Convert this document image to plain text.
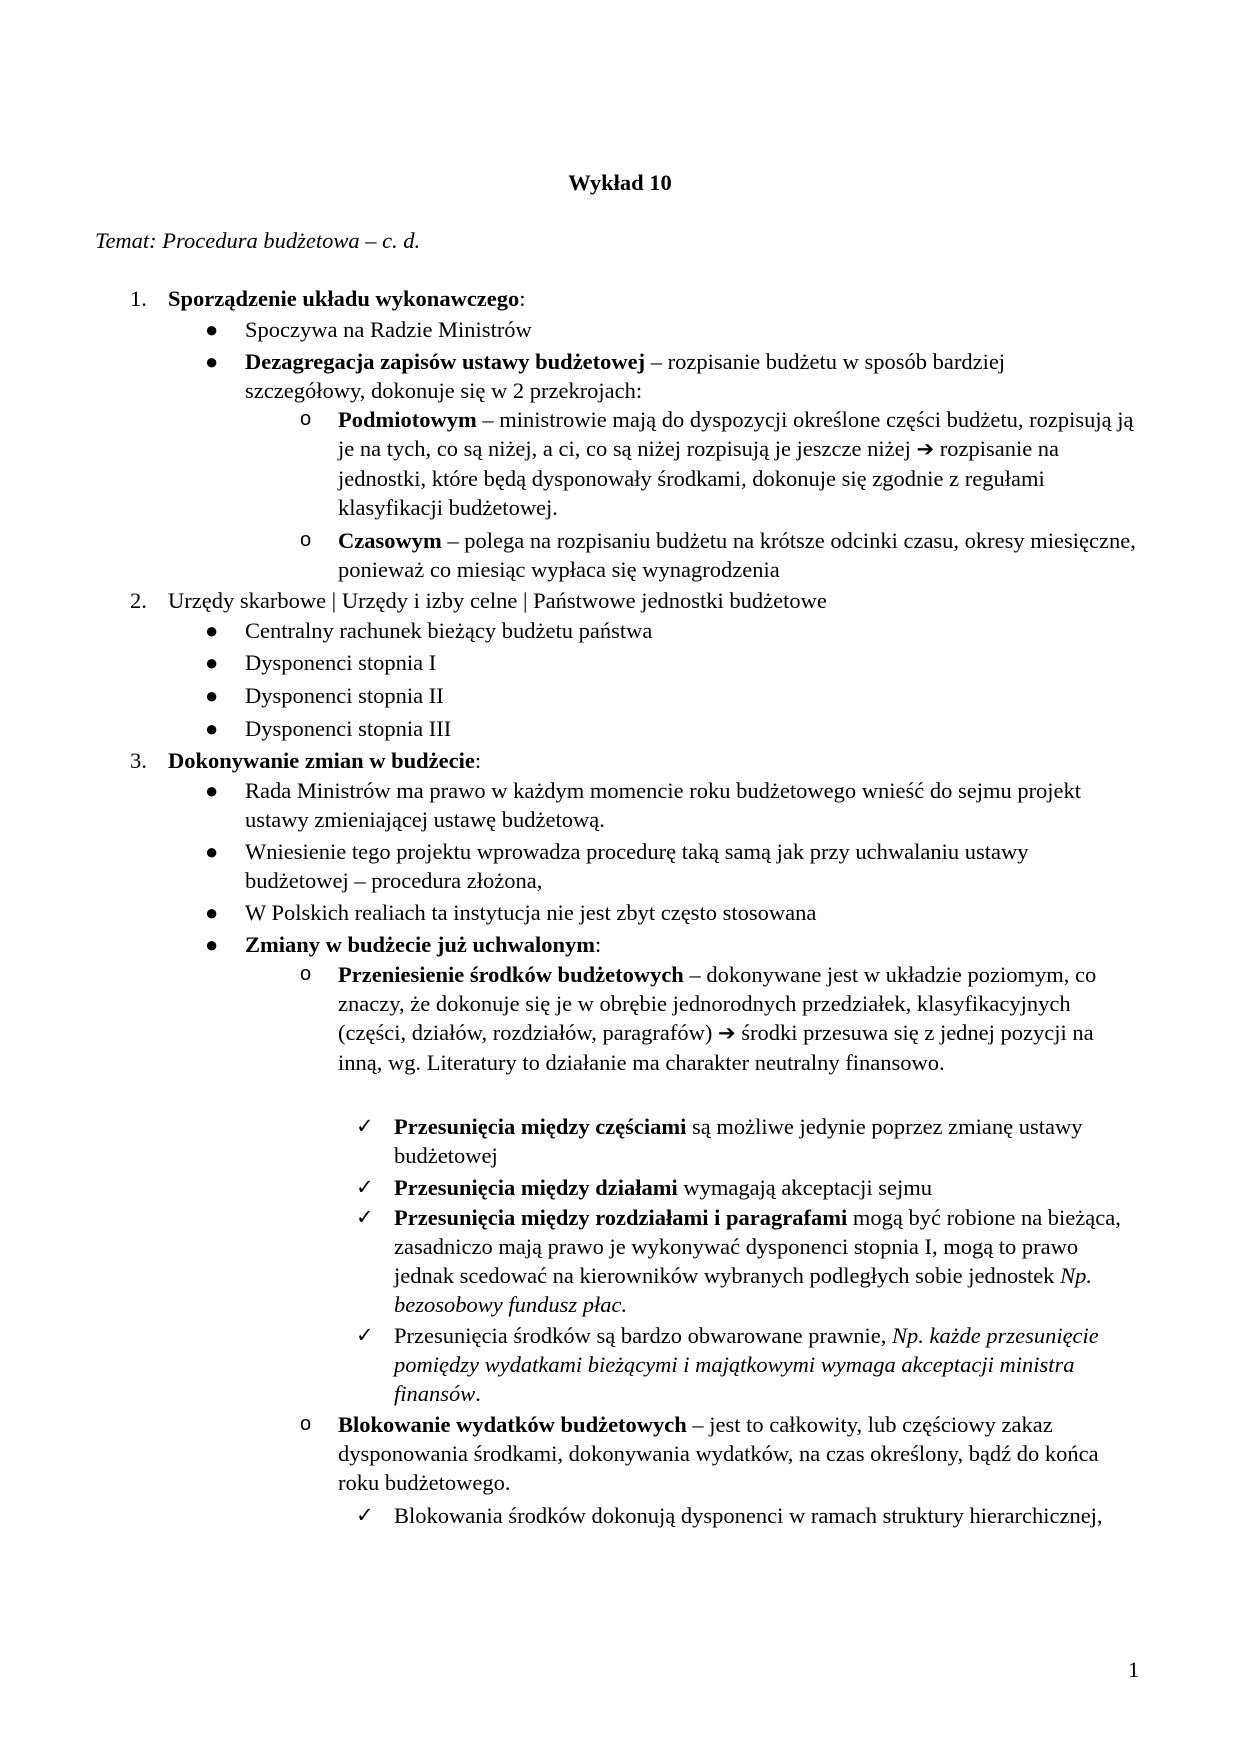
Wykład 10
Temat: Procedura budżetowa – c. d.
1. Sporządzenie układu wykonawczego:
● Spoczywa na Radzie Ministrów
● Dezagregacja zapisów ustawy budżetowej – rozpisanie budżetu w sposób bardziej szczegółowy, dokonuje się w 2 przekrojach:
o Podmiotowym – ministrowie mają do dyspozycji określone części budżetu, rozpisują ją je na tych, co są niżej, a ci, co są niżej rozpisują je jeszcze niżej ➔ rozpisanie na jednostki, które będą dysponowały środkami, dokonuje się zgodnie z regułami klasyfikacji budżetowej.
o Czasowym – polega na rozpisaniu budżetu na krótsze odcinki czasu, okresy miesięczne, ponieważ co miesiąc wypłaca się wynagrodzenia
2. Urzędy skarbowe | Urzędy i izby celne | Państwowe jednostki budżetowe
● Centralny rachunek bieżący budżetu państwa
● Dysponenci stopnia I
● Dysponenci stopnia II
● Dysponenci stopnia III
3. Dokonywanie zmian w budżecie:
● Rada Ministrów ma prawo w każdym momencie roku budżetowego wnieść do sejmu projekt ustawy zmieniającej ustawę budżetową.
● Wniesienie tego projektu wprowadza procedurę taką samą jak przy uchwalaniu ustawy budżetowej – procedura złożona,
● W Polskich realiach ta instytucja nie jest zbyt często stosowana
● Zmiany w budżecie już uchwalonym:
o Przeniesienie środków budżetowych – dokonywane jest w układzie poziomym, co znaczy, że dokonuje się je w obrębie jednorodnych przedziałek, klasyfikacyjnych (części, działów, rozdziałów, paragrafów) ➔ środki przesuwa się z jednej pozycji na inną, wg. Literatury to działanie ma charakter neutralny finansowo.
✓ Przesunięcia między częściami są możliwe jedynie poprzez zmianę ustawy budżetowej
✓ Przesunięcia między działami wymagają akceptacji sejmu
✓ Przesunięcia między rozdziałami i paragrafami mogą być robione na bieżąca, zasadniczo mają prawo je wykonywać dysponenci stopnia I, mogą to prawo jednak scedować na kierowników wybranych podległych sobie jednostek Np. bezosobowy fundusz płac.
✓ Przesunięcia środków są bardzo obwarowane prawnie, Np. każde przesunięcie pomiędzy wydatkami bieżącymi i majątkowymi wymaga akceptacji ministra finansów.
o Blokowanie wydatków budżetowych – jest to całkowity, lub częściowy zakaz dysponowania środkami, dokonywania wydatków, na czas określony, bądź do końca roku budżetowego.
✓ Blokowania środków dokonują dysponenci w ramach struktury hierarchicznej,
1
